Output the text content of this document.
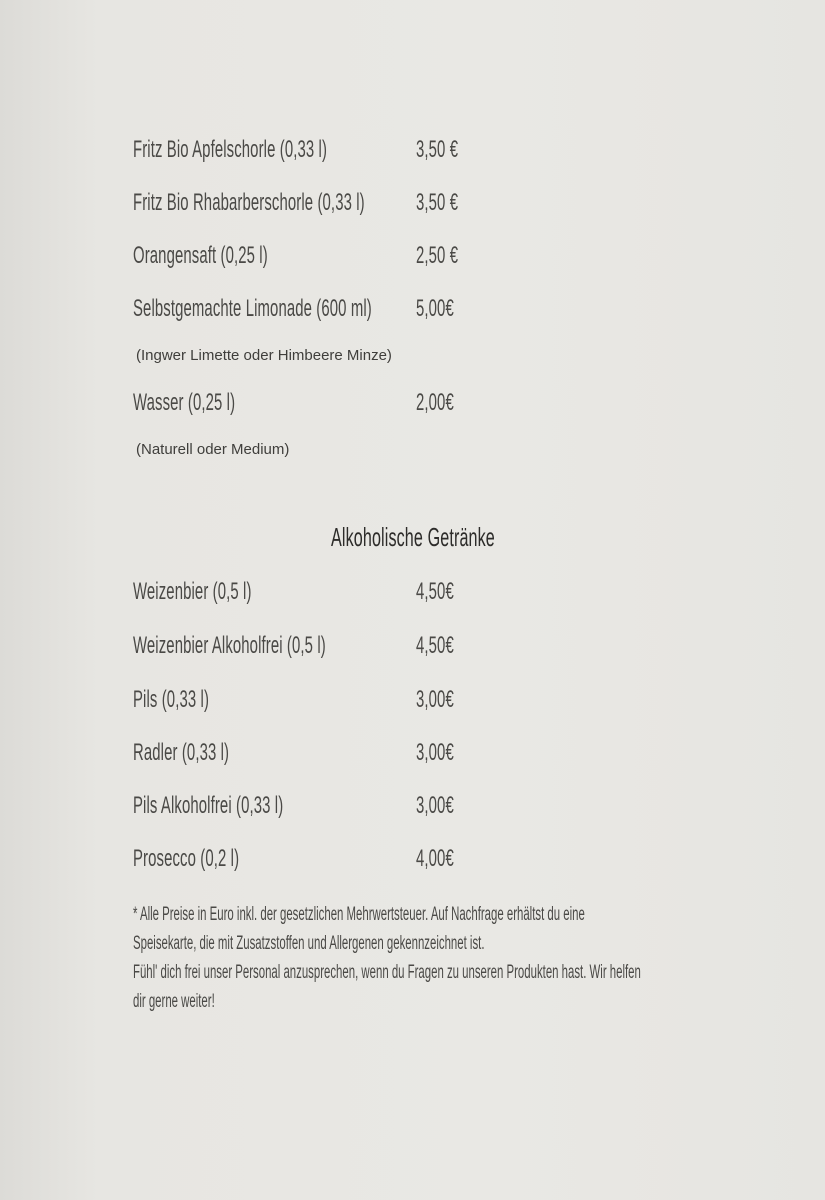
Fritz Bio Apfelschorle (0,33 l)	3,50 €
Fritz Bio Rhabarberschorle (0,33 l) 3,50 €
Orangensaft (0,25 l)	2,50 €
Selbstgemachte Limonade (600 ml) 5,00€
(Ingwer Limette oder Himbeere Minze)
Wasser (0,25 l)	2,00€
(Naturell oder Medium)
Alkoholische Getränke
Weizenbier (0,5 l)	4,50€
Weizenbier Alkoholfrei (0,5 l)	4,50€
Pils (0,33 l)	3,00€
Radler (0,33 l)	3,00€
Pils Alkoholfrei (0,33 l)	3,00€
Prosecco (0,2 l)	4,00€
* Alle Preise in Euro inkl. der gesetzlichen Mehrwertsteuer. Auf Nachfrage erhältst du eine
Speisekarte, die mit Zusatzstoffen und Allergenen gekennzeichnet ist.
Fühl' dich frei unser Personal anzusprechen, wenn du Fragen zu unseren Produkten hast. Wir helfen
dir gerne weiter!
